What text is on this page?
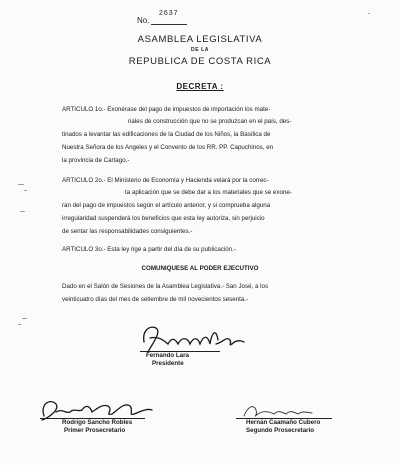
No.
2637
ASAMBLEA LEGISLATIVA
DE LA
REPUBLICA DE COSTA RICA
DECRETA :
ARTICULO 1o.- Exonérase del pago de impuestos de importación los mate-
riales de construcción que no se produzcan en el país, des-
tinados a levantar las edificaciones de la Ciudad de los Niños, la Basílica de
Nuestra Señora de los Angeles y el Convento de los RR. PP. Capuchinos, en
la provincia de Cartago.-
ARTICULO 2o.- El Ministerio de Economía y Hacienda velará por la correc-
ta aplicación que se debe dar a los materiales que se exone-
ran del pago de impuestos según el artículo anterior, y si comprueba alguna
irregularidad suspenderá los beneficios que esta ley autoriza, sin perjuicio
de sentar las responsabilidades consiguientes.-
ARTICULO 3o.- Esta ley rige a partir del día de su publicación.-
COMUNIQUESE AL PODER EJECUTIVO
Dado en el Salón de Sesiones de la Asamblea Legislativa.- San José, a los
veinticuatro días del mes de setiembre de mil novecientos sesenta.-
Fernando Lara
Presidente
Rodrigo Sancho Robles
Primer Prosecretario
Hernán Caamaño Cubero
Segundo Prosecretario
